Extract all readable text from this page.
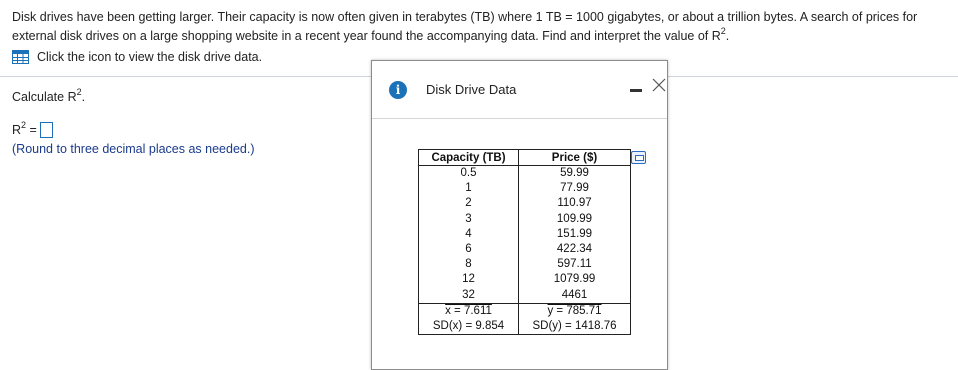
Disk drives have been getting larger. Their capacity is now often given in terabytes (TB) where 1 TB = 1000 gigabytes, or about a trillion bytes. A search of prices for external disk drives on a large shopping website in a recent year found the accompanying data. Find and interpret the value of $R^2$.
Click the icon to view the disk drive data.
Calculate $R^2$.
$R^2$ =
(Round to three decimal places as needed.)
i	Disk Drive Data
Capacity (TB)	Price ($)
0.5	59.99
1	77.99
2	110.97
3	109.99
4	151.99
6	422.34
8	597.11
12	1079.99
32	4461
x = 7.611	y = 785.71
SD(x) = 9.854	SD(y) = 1418.76
